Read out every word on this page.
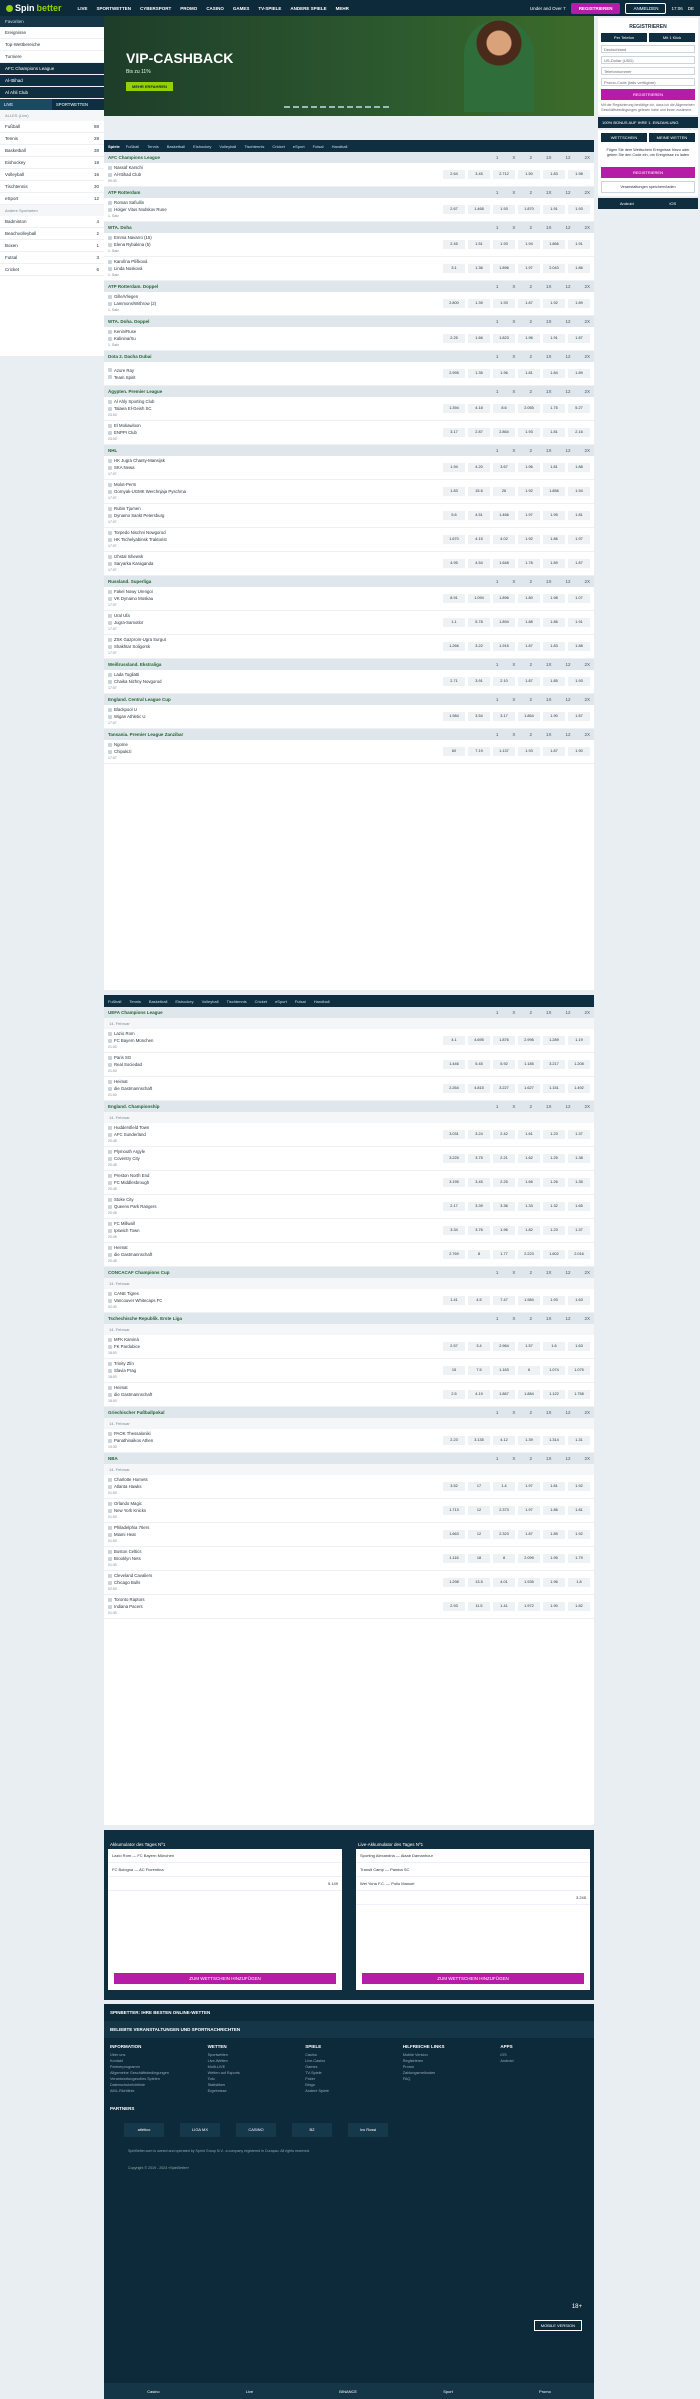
Spin better	LIVE SPORTWETTEN CYBERSPORT PROMO CASINO GAMES TV-SPIELE ANDERE SPIELE MEHR	Under and Over 7	REGISTRIEREN	ANMELDEN	17:06 DE
Favoriten
Ereignisse
Top-Wettbereiche
Turniere
AFC Champions League
Al-Ittihad
Al Ahli Club
LIVE	SPORTWETTEN
ALLES (Live)
Fußball	88
Tennis	28
Basketball	38
Eishockey	18
Volleyball	16
Tischtennis	30
eSport	12
Andere Sportarten
Badminton	4
Beachvolleyball	2
Boxen	1
Futsal	3
Cricket	6
VIP-CASHBACK
Bis zu 11%
MEHR ERFAHREN
REGISTRIEREN
Per Telefon	Mit 1 Klick
Deutschland
US-Dollar (USD)
Telefonnummer
Promo-Code (falls verfügbar)
REGISTRIEREN
Mit der Registrierung bestätige ich, dass ich die Allgemeinen Geschäftsbedingungen gelesen habe und ihnen zustimme.
100% BONUS AUF IHRE 1. EINZAHLUNG
WETTSCHEIN	MEINE WETTEN
Fügen Sie dem Wettschein Ereignisse hinzu oder geben Sie den Code ein, um Ereignisse zu laden
REGISTRIEREN
Veranstaltungen speichern/laden
Android	iOS
AFC Champions League	1	X	2	1X	12	2X
Nassaf Karschi
Al-Ittihad Club
09:30
2.64	3.45	2.712	1.50	1.83	1.98
ATP Rotterdam	1	X	2	1X	12	2X
Roman Safiullin
Holger Vitus Nodskov Rune
1. Satz
2.67	1.468	1.93	1.870	1.91	1.93
WTA. Doha	1	X	2	1X	12	2X
Emma Navarro (15)
Elena Rybakina (5)
1. Satz
2.45	1.51	1.93	1.94	1.866	1.91
Karolína Plíšková
Linda Nosková
1. Satz
3.1	1.36	1.896	1.97	2.043	1.86
ATP Rotterdam. Doppel	1	X	2	1X	12	2X
Gille/Vliegen
Lammons/Withrow (2)
1. Satz
2.800	1.39	1.93	1.87	1.92	1.89
WTA. Doha. Doppel	1	X	2	1X	12	2X
Kenin/Ruse
Kalinina/Xu
1. Satz
2.25	1.66	1.823	1.96	1.91	1.87
Dota 2. Dacha Dubai	1	X	2	1X	12	2X
Azure Ray
Team Spirit
2.995	1.35	1.96	1.81	1.84	1.89
Ägypten. Premier League	1	X	2	1X	12	2X
Al Ahly Sporting Club
Talaea El-Geish SC
23:00
1.394	4.18	8.6	2.055	1.75	5.27
El Mokawloon
ENPPI Club
23:00
3.17	2.87	2.864	1.93	1.81	2.16
NHL	1	X	2	1X	12	2X
HK Jugra Chanty-Mansijsk
SKA Newa
17:07
1.94	4.20	3.67	1.96	1.81	1.88
Molot-Perm
Gornyak-UGMK Werchnjaja Pyschma
17:07
1.83	15.6	26	1.92	1.856	1.94
Rubin Tjumen
Dynamo Sankt Petersburg
17:07
5.6	4.51	1.466	1.97	1.95	1.81
Torpedo Nischni Nowgorod
HK Tschelyabinsk Traktorist
17:07
1.670	4.15	4.02	1.92	1.86	1.97
Izhstal Ishewsk
Saryarka Karaganda
17:07
4.95	4.54	1.648	1.78	1.89	1.87
Russland. Superliga	1	X	2	1X	12	2X
Fakel Nowy Urengoi
VK Dynamo Moskau
17:07
8.91	1.094	1.896	1.80	1.98	1.07
Ural Ufa
Jugra-Samotlor
17:07
1.1	5.78	1.894	1.88	1.86	1.91
ZSK Gazprom-Ugra Surgut
Shakhtar Soligorsk
17:07
1.266	3.22	1.915	1.87	1.83	1.88
Weißrussland. Ekstraliga	1	X	2	1X	12	2X
Lada Togliatti
Chaika Nizhny Novgorod
17:07
2.71	3.91	2.10	1.87	1.85	1.93
England. Central League Cup	1	X	2	1X	12	2X
Blackpool U
Wigan Athletic U
17:07
1.984	3.54	3.17	1.864	1.90	1.87
Tansania. Premier League Zanzibar	1	X	2	1X	12	2X
Ngome
Chipukizi
17:07
60	7.19	1.137	1.93	1.87	1.90
Spiele Fußball Tennis Basketball Eishockey Volleyball Tischtennis Cricket eSport Futsal Handball
UEFA Champions League	1	X	2	1X	12	2X
14. Februar
Lazio Rom
FC Bayern München
21:00
4.1	4.695	1.876	2.996	1.289	1.19
Paris SG
Real Sociedad
21:00
1.446	5.45	5.92	1.185	3.217	1.208
Heimat
die Gastmannschaft
21:00
2.264	4.815	3.227	1.627	1.151	1.492
England. Championship	1	X	2	1X	12	2X
14. Februar
Huddersfield Town
AFC Sunderland
20:45
3.031	3.24	2.42	1.61	1.23	1.37
Plymouth Argyle
Coventry City
20:45
3.225	3.75	2.21	1.62	1.25	1.38
Preston North End
FC Middlesbrough
20:45
3.195	3.45	2.25	1.66	1.26	1.35
Stoke City
Queens Park Rangers
20:45
2.17	3.39	3.36	1.33	1.32	1.65
FC Millwall
Ipswich Town
20:45
3.34	3.76	1.96	1.82	1.23	1.37
Heimat
die Gastmannschaft
20:45
2.769	8	1.77	2.223	1.602	2.016
CONCACAF Champions Cup	1	X	2	1X	12	2X
14. Februar
CANE Tigres
Vancouver Whitecaps FC
02:30
1.41	4.5	7.47	1.984	1.93	1.63
Tschechische Republik. Erste Liga	1	X	2	1X	12	2X
14. Februar
MFK Karviná
FK Pardubice
18:00
2.57	3.4	2.964	1.57	1.6	1.63
Trinity Zlín
Slavia Prag
18:00
15	7.5	1.163	6	1.074	1.075
Heimat
die Gastmannschaft
18:00
2.5	4.19	1.867	1.884	1.122	1.758
Griechischer Fußballpokal	1	X	2	1X	12	2X
14. Februar
PAOK Thessaloniki
Panathinaikos Athen
19:30
2.23	3.135	4.12	1.39	1.314	1.31
NBA	1	X	2	1X	12	2X
14. Februar
Charlotte Hornets
Atlanta Hawks
01:00
3.52	17	1.4	1.97	1.81	1.92
Orlando Magic
New York Knicks
01:00
1.713	12	2.373	1.97	1.86	1.81
Philadelphia 76ers
Miami Heat
01:00
1.663	12	2.323	1.87	1.85	1.92
Boston Celtics
Brooklyn Nets
01:30
1.116	18	8	2.099	1.95	1.79
Cleveland Cavaliers
Chicago Bulls
02:00
1.298	13.5	4.01	1.935	1.96	1.8
Toronto Raptors
Indiana Pacers
01:30
2.93	11.5	1.41	1.972	1.90	1.82
Fußball Tennis Basketball Eishockey Volleyball Tischtennis Cricket eSport Futsal Handball
Akkumulator des Tages Nº1
Lazio Rom — FC Bayern München
FC Bologna — AC Fiorentina
5.149
ZUM WETTSCHEIN HINZUFÜGEN
Live-Akkumulator des Tages Nº1
Sporting Alexandria — Alaab Damanhour
Transit Camp — Pamba SC
Wei Yona F.C. — Pollo Manuel
3.245
ZUM WETTSCHEIN HINZUFÜGEN
SPINBETTER: IHRE BESTEN ONLINE-WETTEN
BELIEBTE VERANSTALTUNGEN UND SPORTNACHRICHTEN
INFORMATION
Über uns
Kontakt
Partnerprogramm
Allgemeine Geschäftsbedingungen
Verantwortungsvolles Spielen
Datenschutzrichtlinie
AML-Richtlinie
WETTEN
Sportwetten
Live-Wetten
Multi-LIVE
Wetten auf Esports
Toto
Statistiken
Ergebnisse
SPIELE
Casino
Live-Casino
Games
TV-Spiele
Poker
Bingo
Andere Spiele
HILFREICHE LINKS
Mobile Version
Registrieren
Promo
Zahlungsmethoden
FAQ
APPS
iOS
Android
PARTNERS
atlético	LIGA MX	CASINO	BZ	Ivo Rossi
SpinBetter.com is owned and operated by Sprint Group N.V., a company registered in Curaçao. All rights reserved.
Copyright © 2019 - 2024 «SpinBetter»
18+
MOBILE VERSION
Casino	Live	BINANCE	Sport	Promo
